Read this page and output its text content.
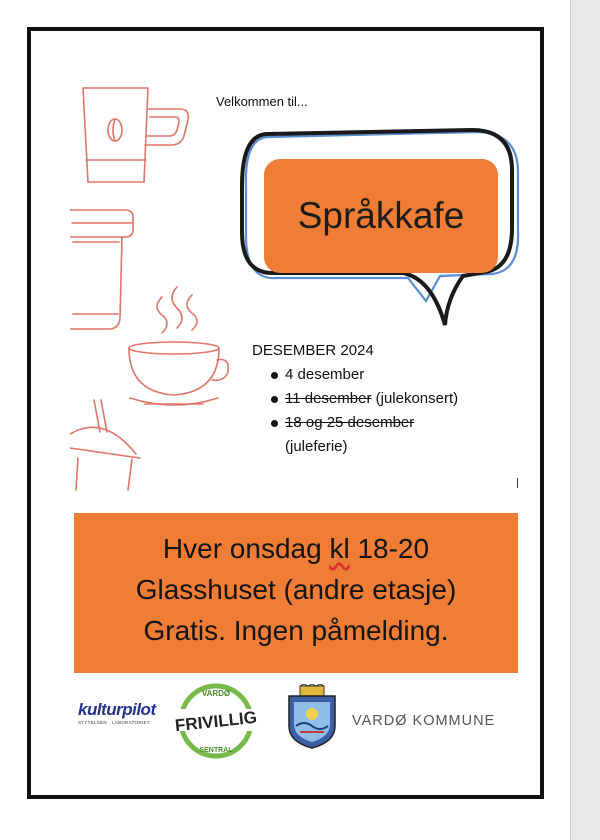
Velkommen til...
Språkkafe
DESEMBER 2024
4 desember
11 desember (julekonsert)
18 og 25 desember
(juleferie)
Hver onsdag kl 18-20
Glasshuset (andre etasje)
Gratis. Ingen påmelding.
kulturpilot
STYTELSEN · LABORATORIET
VARDØ
FRIVILLIG
SENTRAL
VARDØ KOMMUNE
